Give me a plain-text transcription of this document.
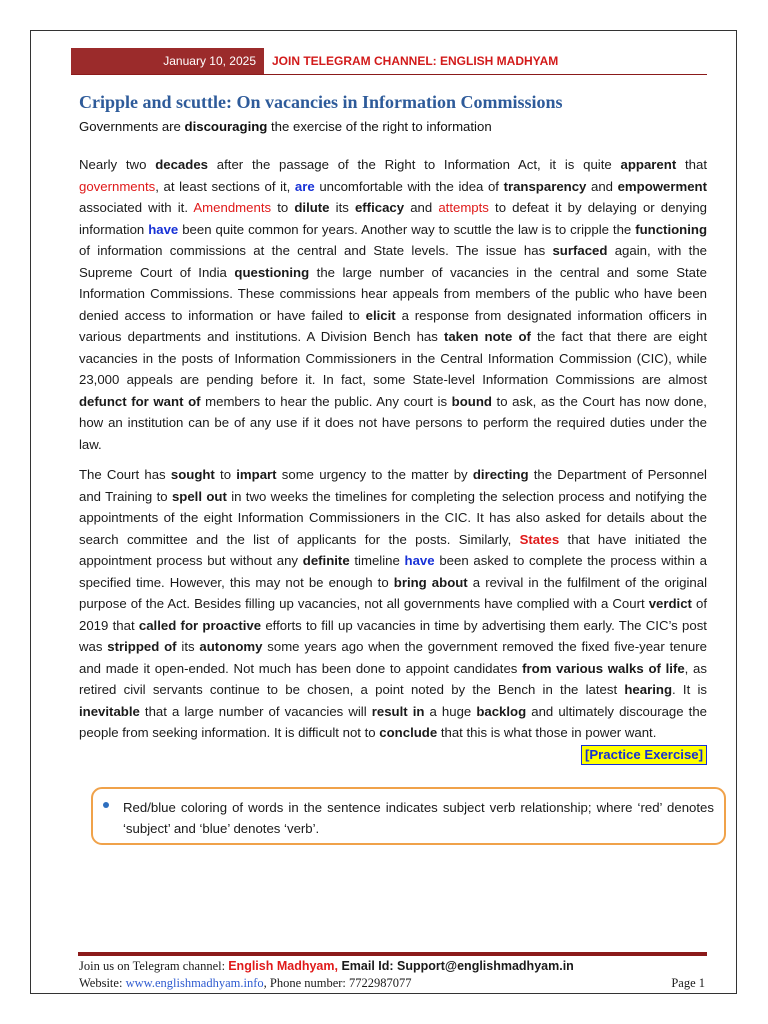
January 10, 2025	JOIN TELEGRAM CHANNEL: ENGLISH MADHYAM
Cripple and scuttle: On vacancies in Information Commissions
Governments are discouraging the exercise of the right to information

Nearly two decades after the passage of the Right to Information Act, it is quite apparent that governments, at least sections of it, are uncomfortable with the idea of transparency and empowerment associated with it. Amendments to dilute its efficacy and attempts to defeat it by delaying or denying information have been quite common for years. Another way to scuttle the law is to cripple the functioning of information commissions at the central and State levels. The issue has surfaced again, with the Supreme Court of India questioning the large number of vacancies in the central and some State Information Commissions. These commissions hear appeals from members of the public who have been denied access to information or have failed to elicit a response from designated information officers in various departments and institutions. A Division Bench has taken note of the fact that there are eight vacancies in the posts of Information Commissioners in the Central Information Commission (CIC), while 23,000 appeals are pending before it. In fact, some State-level Information Commissions are almost defunct for want of members to hear the public. Any court is bound to ask, as the Court has now done, how an institution can be of any use if it does not have persons to perform the required duties under the law.

The Court has sought to impart some urgency to the matter by directing the Department of Personnel and Training to spell out in two weeks the timelines for completing the selection process and notifying the appointments of the eight Information Commissioners in the CIC. It has also asked for details about the search committee and the list of applicants for the posts. Similarly, States that have initiated the appointment process but without any definite timeline have been asked to complete the process within a specified time. However, this may not be enough to bring about a revival in the fulfilment of the original purpose of the Act. Besides filling up vacancies, not all governments have complied with a Court verdict of 2019 that called for proactive efforts to fill up vacancies in time by advertising them early. The CIC’s post was stripped of its autonomy some years ago when the government removed the fixed five-year tenure and made it open-ended. Not much has been done to appoint candidates from various walks of life, as retired civil servants continue to be chosen, a point noted by the Bench in the latest hearing. It is inevitable that a large number of vacancies will result in a huge backlog and ultimately discourage the people from seeking information. It is difficult not to conclude that this is what those in power want.
[Practice Exercise]

Red/blue coloring of words in the sentence indicates subject verb relationship; where ‘red’ denotes ‘subject’ and ‘blue’ denotes ‘verb’.
Join us on Telegram channel: English Madhyam, Email Id: Support@englishmadhyam.in
Website: www.englishmadhyam.info, Phone number: 7722987077	Page 1
